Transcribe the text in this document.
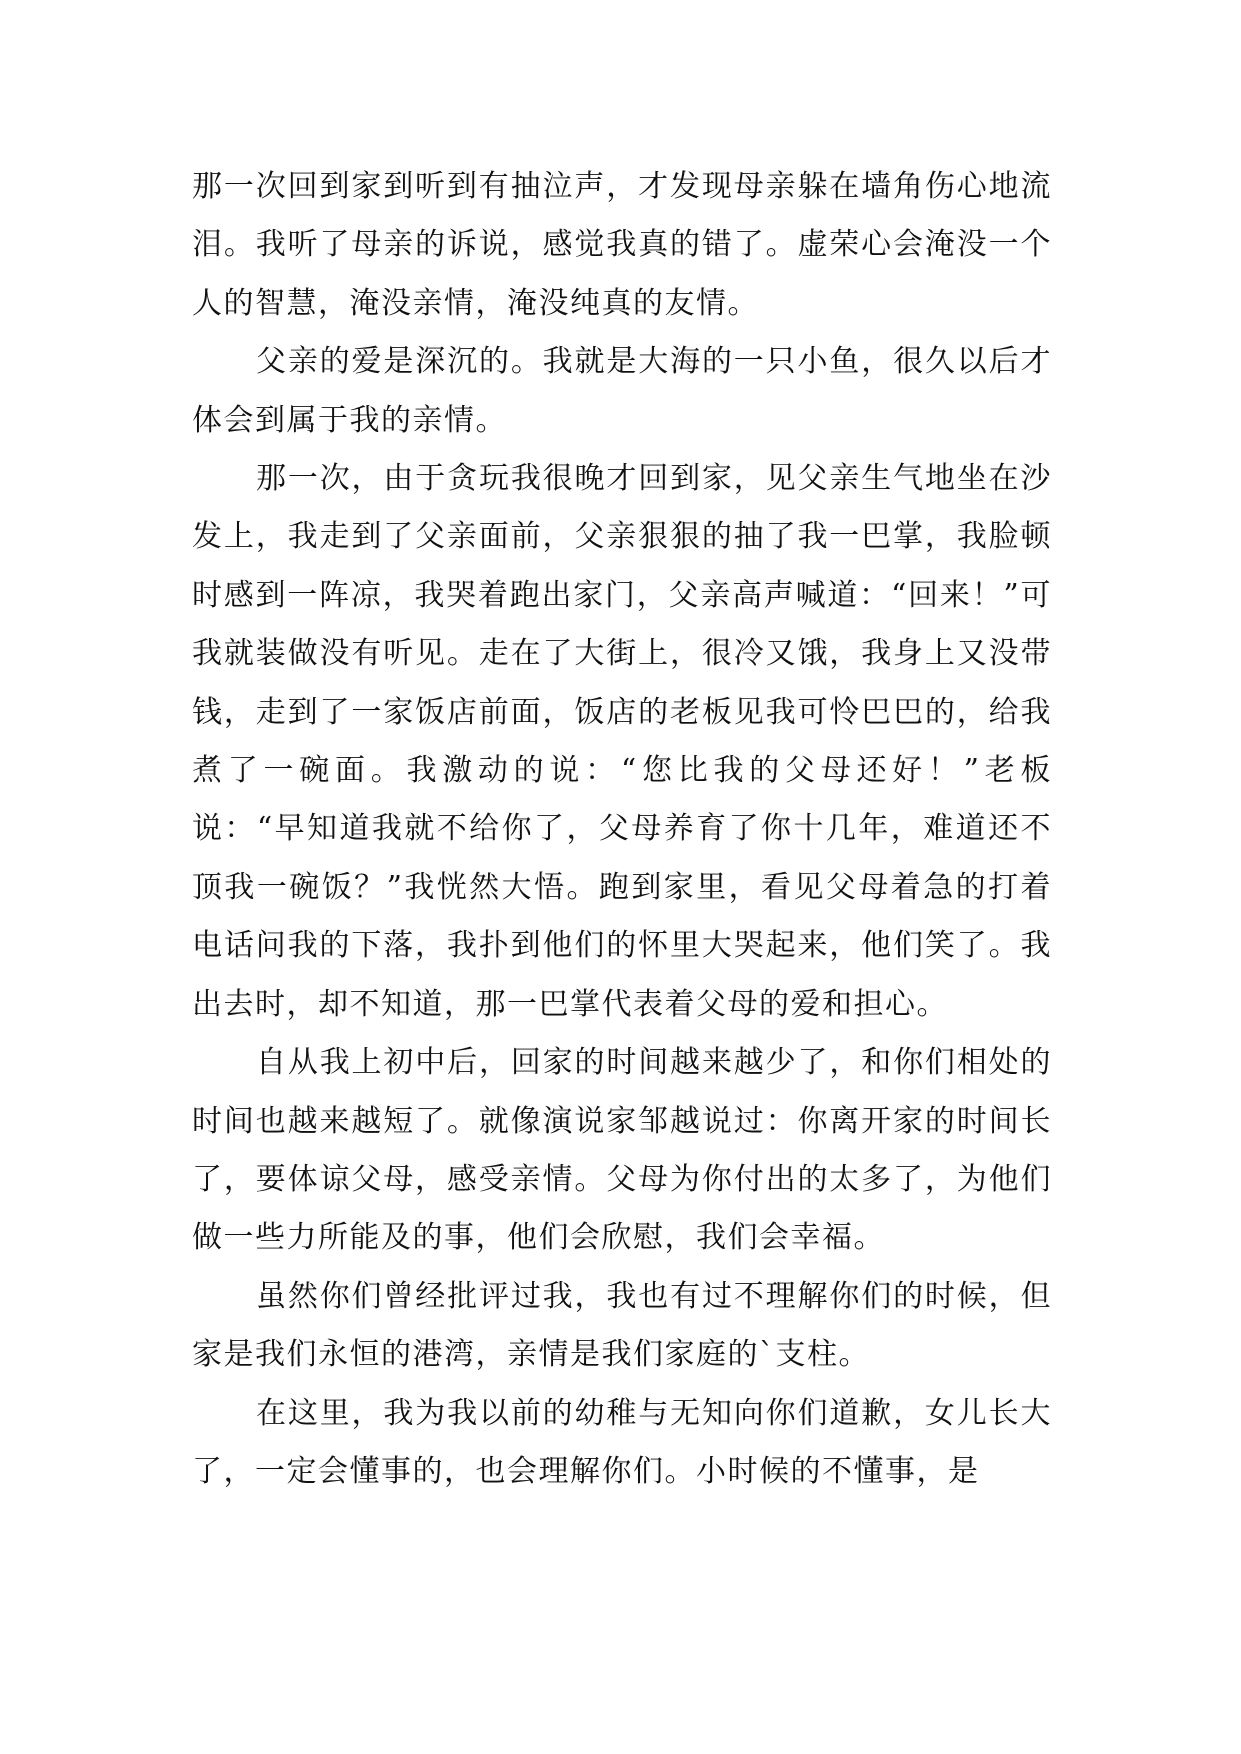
那一次回到家到听到有抽泣声，才发现母亲躲在墙角伤心地流泪。我听了母亲的诉说，感觉我真的错了。虚荣心会淹没一个人的智慧，淹没亲情，淹没纯真的友情。

父亲的爱是深沉的。我就是大海的一只小鱼，很久以后才体会到属于我的亲情。

那一次，由于贪玩我很晚才回到家，见父亲生气地坐在沙发上，我走到了父亲面前，父亲狠狠的抽了我一巴掌，我脸顿时感到一阵凉，我哭着跑出家门，父亲高声喊道：“回来！”可我就装做没有听见。走在了大街上，很冷又饿，我身上又没带钱，走到了一家饭店前面，饭店的老板见我可怜巴巴的，给我煮了一碗面。我激动的说：“您比我的父母还好！”老板说：“早知道我就不给你了，父母养育了你十几年，难道还不顶我一碗饭？”我恍然大悟。跑到家里，看见父母着急的打着电话问我的下落，我扑到他们的怀里大哭起来，他们笑了。我出去时，却不知道，那一巴掌代表着父母的爱和担心。

自从我上初中后，回家的时间越来越少了，和你们相处的时间也越来越短了。就像演说家邹越说过：你离开家的时间长了，要体谅父母，感受亲情。父母为你付出的太多了，为他们做一些力所能及的事，他们会欣慰，我们会幸福。

虽然你们曾经批评过我，我也有过不理解你们的时候，但家是我们永恒的港湾，亲情是我们家庭的`支柱。

在这里，我为我以前的幼稚与无知向你们道歉，女儿长大了，一定会懂事的，也会理解你们。小时候的不懂事，是
